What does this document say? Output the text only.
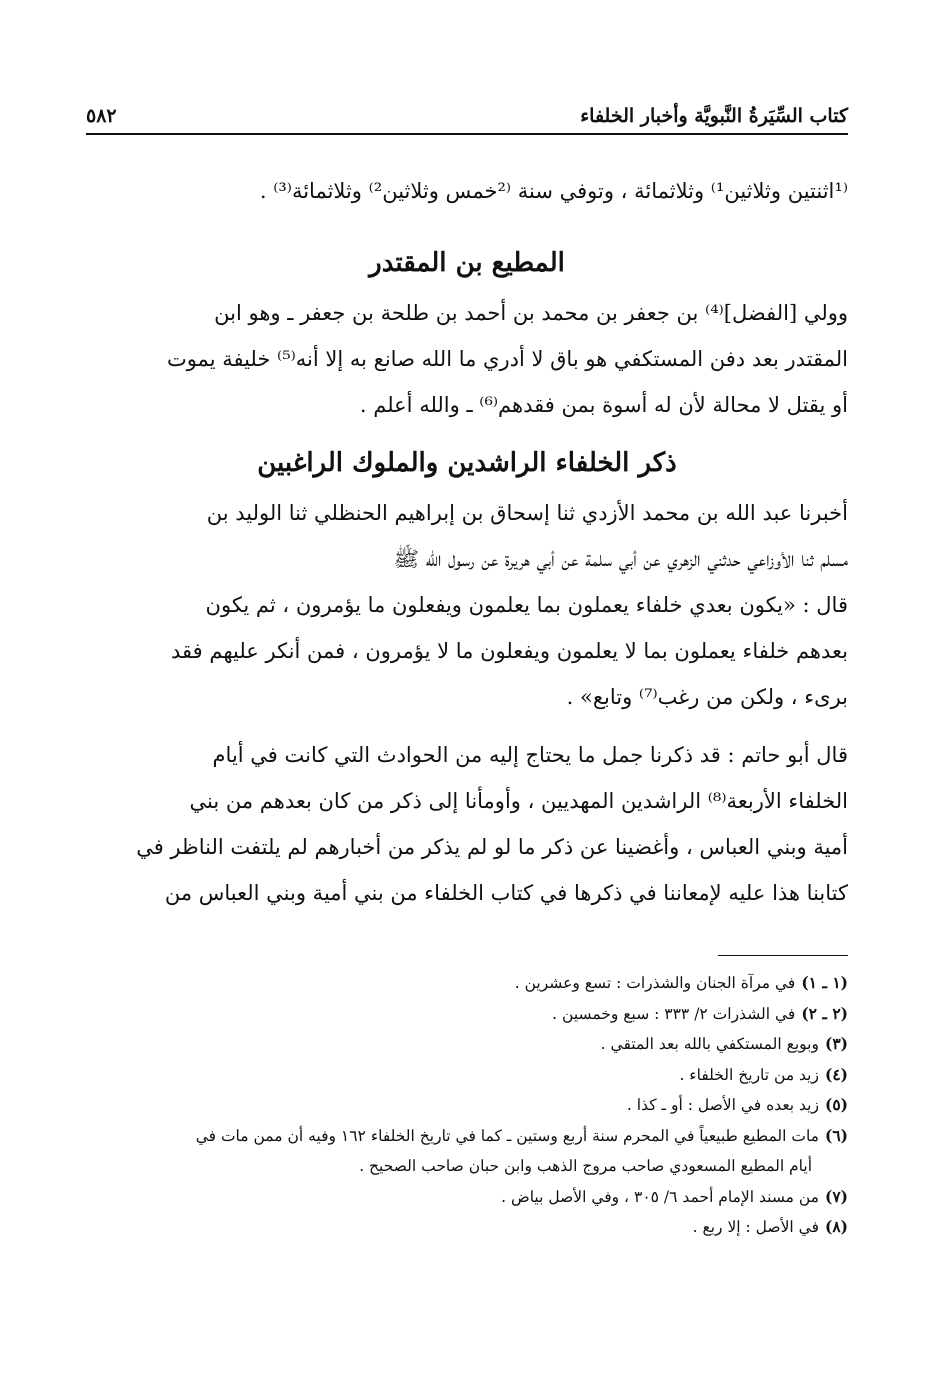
كتاب السِّيَرةُ النَّبويَّة وأخبار الخلفاء
٥٨٢
⁽¹اثنتين وثلاثين¹⁾ وثلاثمائة ، وتوفي سنة ⁽²خمس وثلاثين²⁾ وثلاثمائة⁽³⁾ .
المطيع بن المقتدر
وولي [الفضل]⁽⁴⁾ بن جعفر بن محمد بن أحمد بن طلحة بن جعفر ـ وهو ابن
المقتدر بعد دفن المستكفي هو باق لا أدري ما الله صانع به إلا أنه⁽⁵⁾ خليفة يموت
أو يقتل لا محالة لأن له أسوة بمن فقدهم⁽⁶⁾ ـ والله أعلم .
ذكر الخلفاء الراشدين والملوك الراغبين
أخبرنا عبد الله بن محمد الأزدي ثنا إسحاق بن إبراهيم الحنظلي ثنا الوليد بن
مسلم ثنا الأوزاعي حدثني الزهري عن أبي سلمة عن أبي هريرة عن رسول الله ﷺ
قال : «يكون بعدي خلفاء يعملون بما يعلمون ويفعلون ما يؤمرون ، ثم يكون
بعدهم خلفاء يعملون بما لا يعلمون ويفعلون ما لا يؤمرون ، فمن أنكر عليهم فقد
برىء ، ولكن من رغب⁽⁷⁾ وتابع» .
قال أبو حاتم : قد ذكرنا جمل ما يحتاج إليه من الحوادث التي كانت في أيام
الخلفاء الأربعة⁽⁸⁾ الراشدين المهديين ، وأومأنا إلى ذكر من كان بعدهم من بني
أمية وبني العباس ، وأغضينا عن ذكر ما لو لم يذكر من أخبارهم لم يلتفت الناظر في
كتابنا هذا عليه لإمعاننا في ذكرها في كتاب الخلفاء من بني أمية وبني العباس من
(١ ـ ١)في مرآة الجنان والشذرات : تسع وعشرين .
(٢ ـ ٢)في الشذرات ٢/ ٣٣٣ : سبع وخمسين .
(٣)وبويع المستكفي بالله بعد المتقي .
(٤)زيد من تاريخ الخلفاء .
(٥)زيد بعده في الأصل : أو ـ كذا .
(٦)مات المطيع طبيعياً في المحرم سنة أربع وستين ـ كما في تاريخ الخلفاء ١٦٢ وفيه أن ممن مات في
أيام المطيع المسعودي صاحب مروج الذهب وابن حبان صاحب الصحيح .
(٧)من مسند الإمام أحمد ٦/ ٣٠٥ ، وفي الأصل بياض .
(٨)في الأصل : إلا ربع .
